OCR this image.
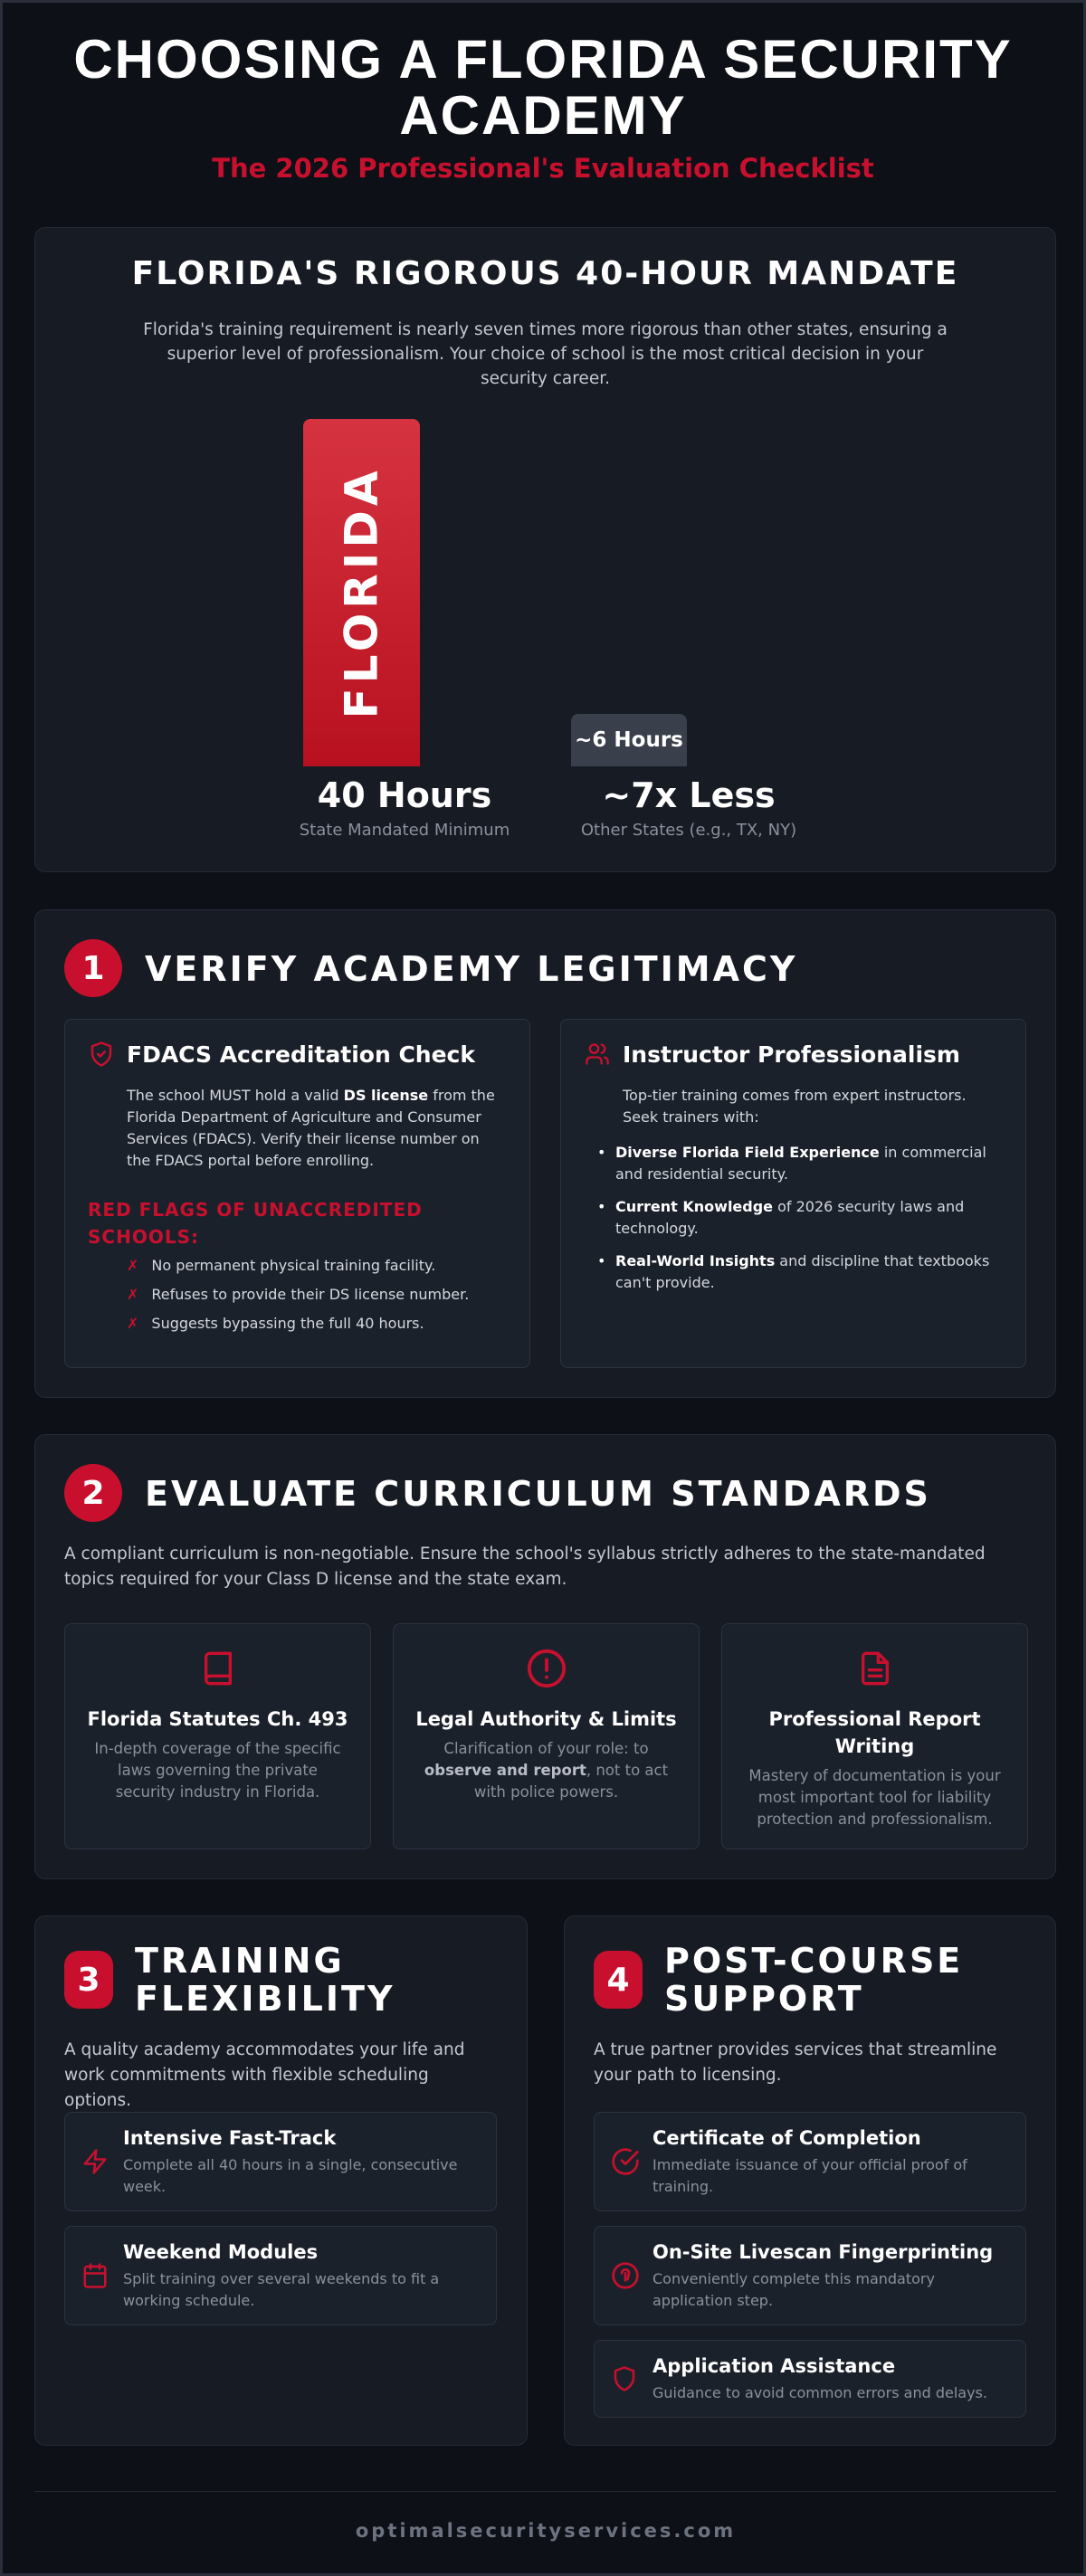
CHOOSING A FLORIDA SECURITY ACADEMY
The 2026 Professional's Evaluation Checklist
FLORIDA'S RIGOROUS 40-HOUR MANDATE
Florida's training requirement is nearly seven times more rigorous than other states, ensuring a superior level of professionalism. Your choice of school is the most critical decision in your security career.
FLORIDA
~6 Hours
40 Hours
State Mandated Minimum
~7x Less
Other States (e.g., TX, NY)
1	VERIFY ACADEMY LEGITIMACY
FDACS Accreditation Check
The school MUST hold a valid DS license from the Florida Department of Agriculture and Consumer Services (FDACS). Verify their license number on the FDACS portal before enrolling.
RED FLAGS OF UNACCREDITED SCHOOLS:
✗ No permanent physical training facility.
✗ Refuses to provide their DS license number.
✗ Suggests bypassing the full 40 hours.
Instructor Professionalism
Top-tier training comes from expert instructors. Seek trainers with:
• Diverse Florida Field Experience in commercial and residential security.
• Current Knowledge of 2026 security laws and technology.
• Real-World Insights and discipline that textbooks can't provide.
2	EVALUATE CURRICULUM STANDARDS
A compliant curriculum is non-negotiable. Ensure the school's syllabus strictly adheres to the state-mandated topics required for your Class D license and the state exam.
Florida Statutes Ch. 493
In-depth coverage of the specific laws governing the private security industry in Florida.
Legal Authority & Limits
Clarification of your role: to observe and report, not to act with police powers.
Professional Report Writing
Mastery of documentation is your most important tool for liability protection and professionalism.
3	TRAINING
FLEXIBILITY
A quality academy accommodates your life and work commitments with flexible scheduling options.
Intensive Fast-Track
Complete all 40 hours in a single, consecutive week.
Weekend Modules
Split training over several weekends to fit a working schedule.
4	POST-COURSE
SUPPORT
A true partner provides services that streamline your path to licensing.
Certificate of Completion
Immediate issuance of your official proof of training.
On-Site Livescan Fingerprinting
Conveniently complete this mandatory application step.
Application Assistance
Guidance to avoid common errors and delays.
optimalsecurityservices.com
